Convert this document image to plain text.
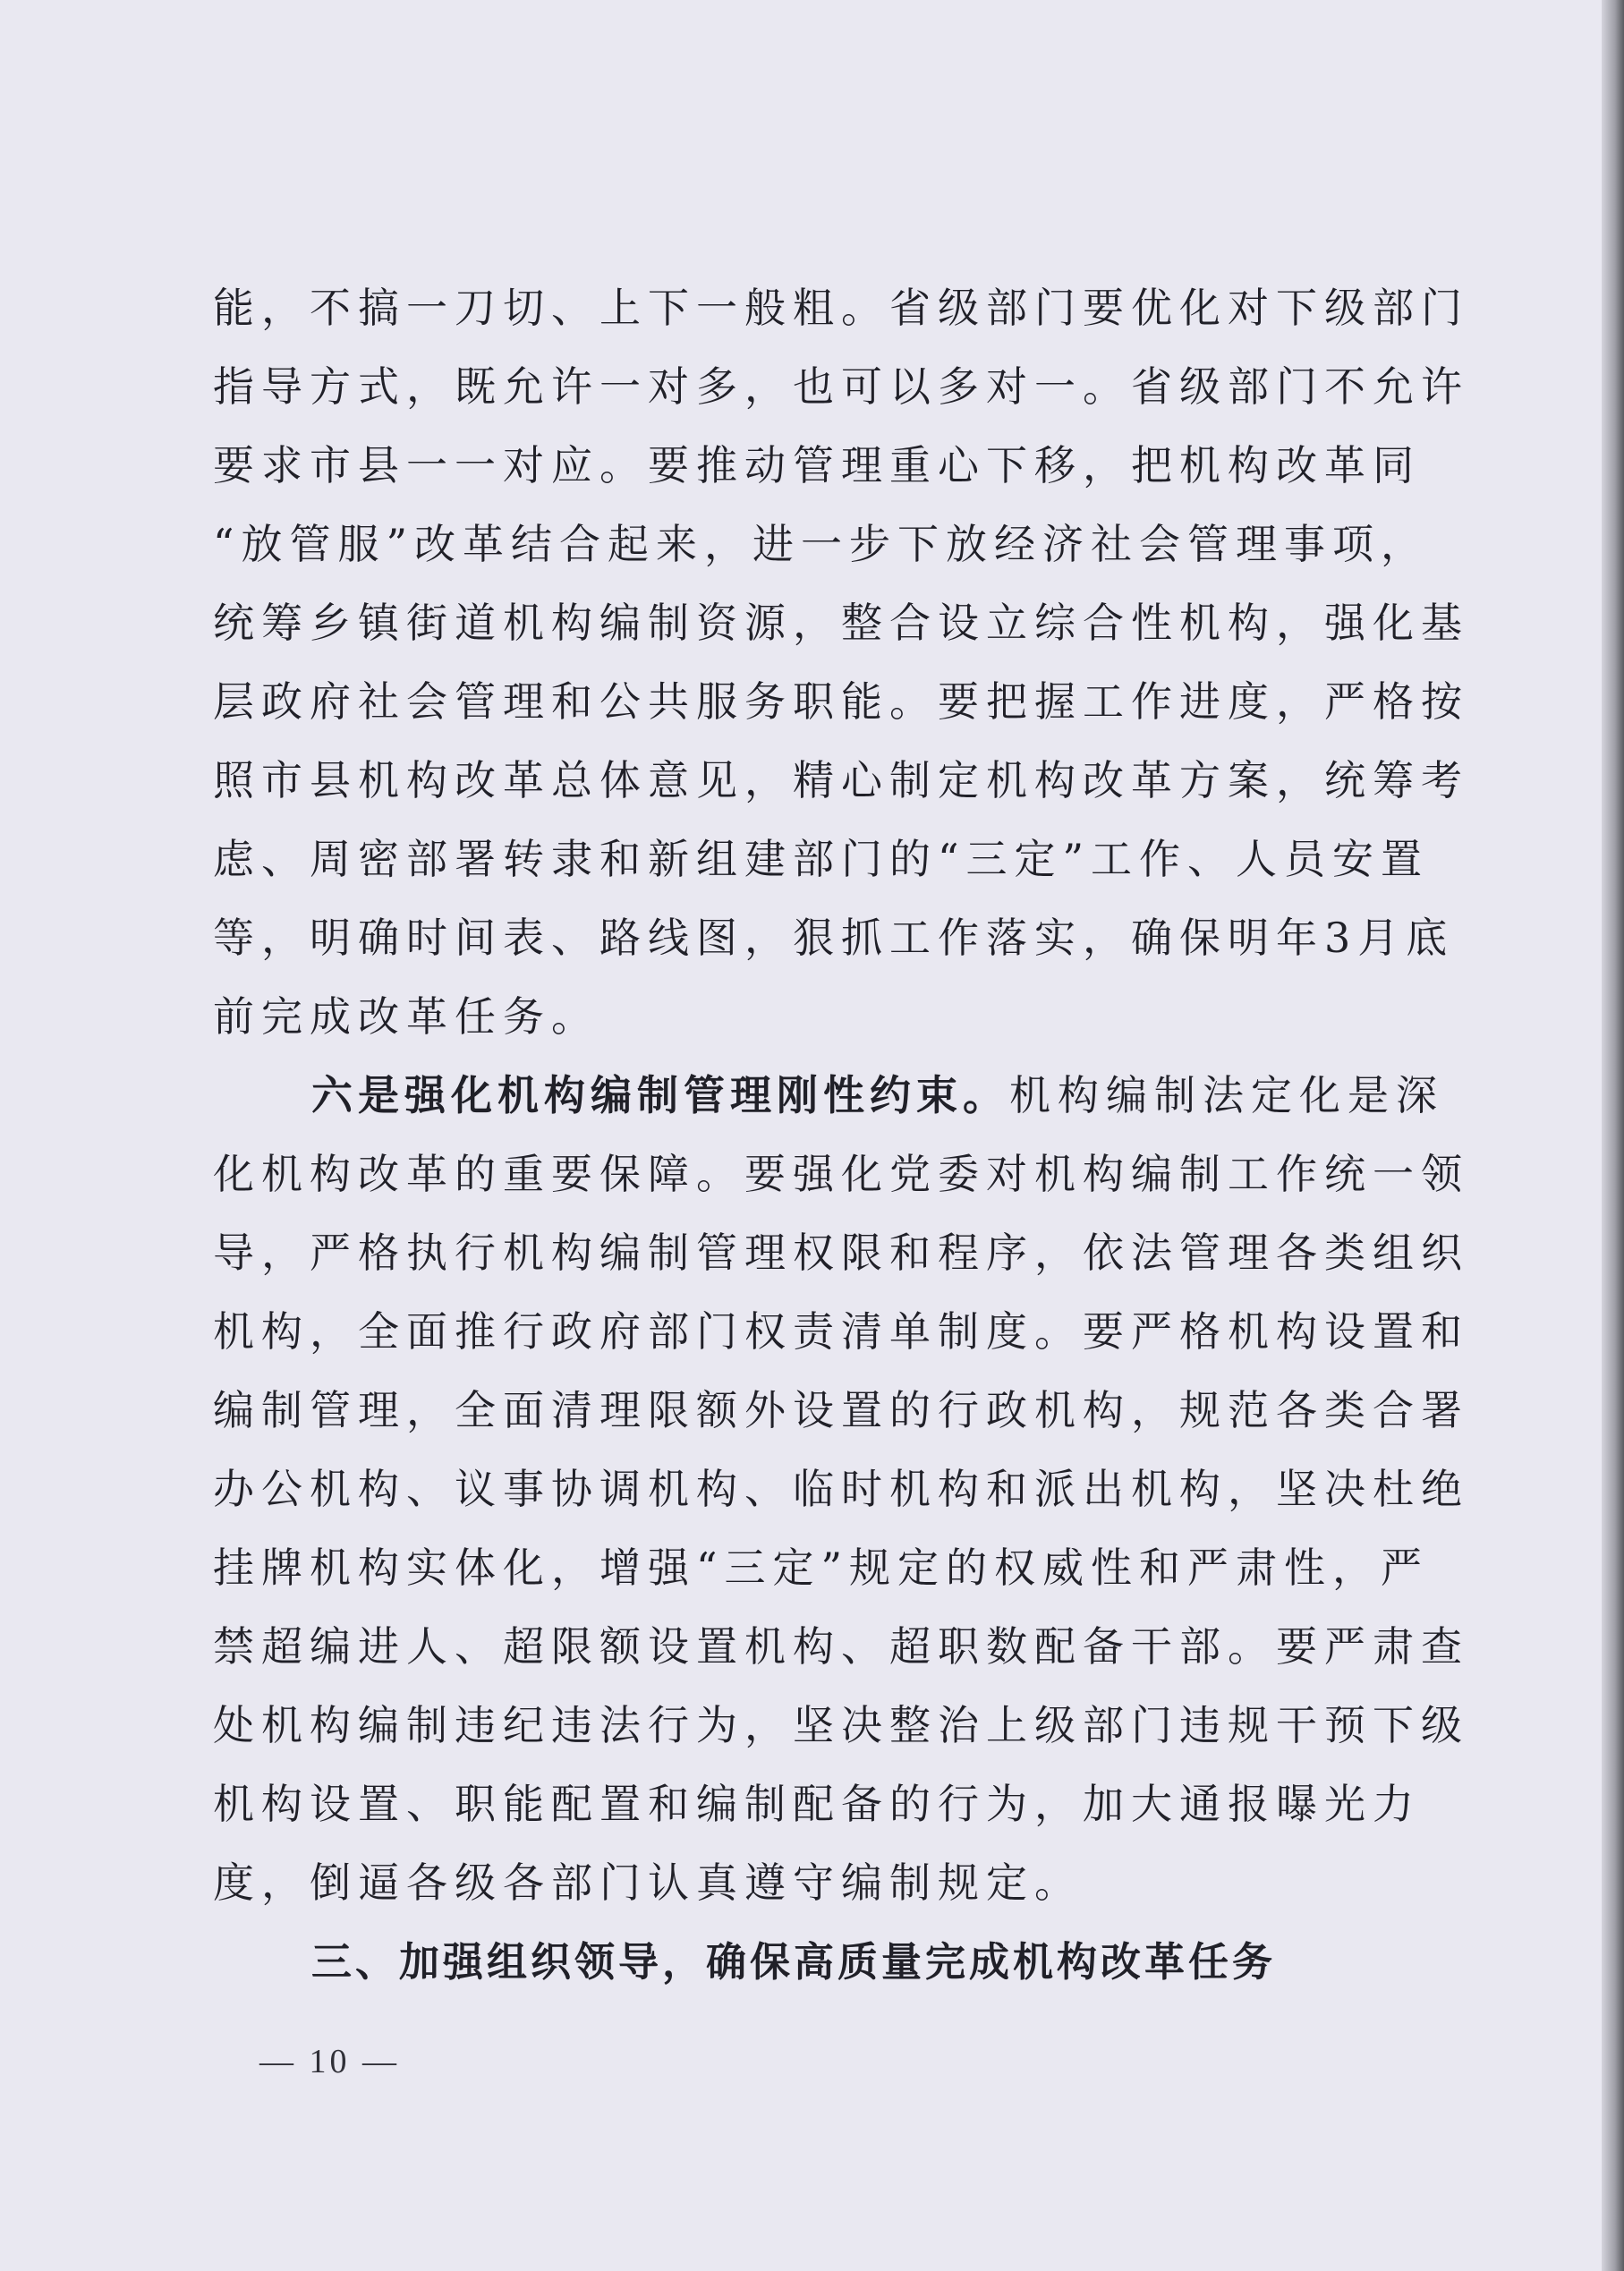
能，不搞一刀切、上下一般粗。省级部门要优化对下级部门
指导方式，既允许一对多，也可以多对一。省级部门不允许
要求市县一一对应。要推动管理重心下移，把机构改革同
“放管服”改革结合起来，进一步下放经济社会管理事项，
统筹乡镇街道机构编制资源，整合设立综合性机构，强化基
层政府社会管理和公共服务职能。要把握工作进度，严格按
照市县机构改革总体意见，精心制定机构改革方案，统筹考
虑、周密部署转隶和新组建部门的“三定”工作、人员安置
等，明确时间表、路线图，狠抓工作落实，确保明年3月底
前完成改革任务。
六是强化机构编制管理刚性约束。机构编制法定化是深
化机构改革的重要保障。要强化党委对机构编制工作统一领
导，严格执行机构编制管理权限和程序，依法管理各类组织
机构，全面推行政府部门权责清单制度。要严格机构设置和
编制管理，全面清理限额外设置的行政机构，规范各类合署
办公机构、议事协调机构、临时机构和派出机构，坚决杜绝
挂牌机构实体化，增强“三定”规定的权威性和严肃性，严
禁超编进人、超限额设置机构、超职数配备干部。要严肃查
处机构编制违纪违法行为，坚决整治上级部门违规干预下级
机构设置、职能配置和编制配备的行为，加大通报曝光力
度，倒逼各级各部门认真遵守编制规定。
三、加强组织领导，确保高质量完成机构改革任务
— 10 —
